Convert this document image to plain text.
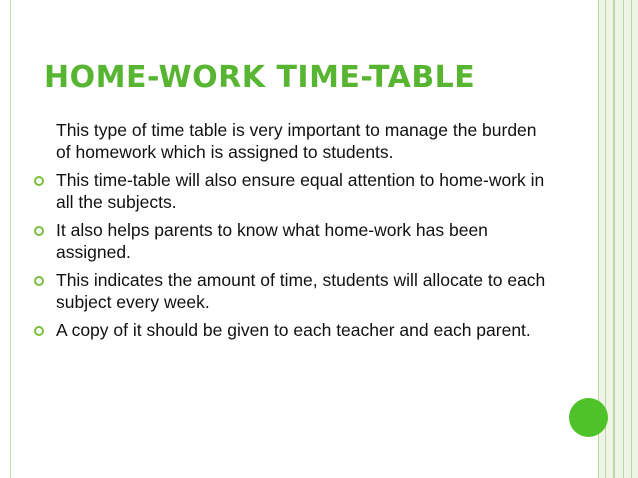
HOME-WORK TIME-TABLE

This type of time table is very important to manage the burden of homework which is assigned to students.

This time-table will also ensure equal attention to home-work in all the subjects.

It also helps parents to know what home-work has been assigned.

This indicates the amount of time, students will allocate to each subject every week.

A copy of it should be given to each teacher and each parent.
